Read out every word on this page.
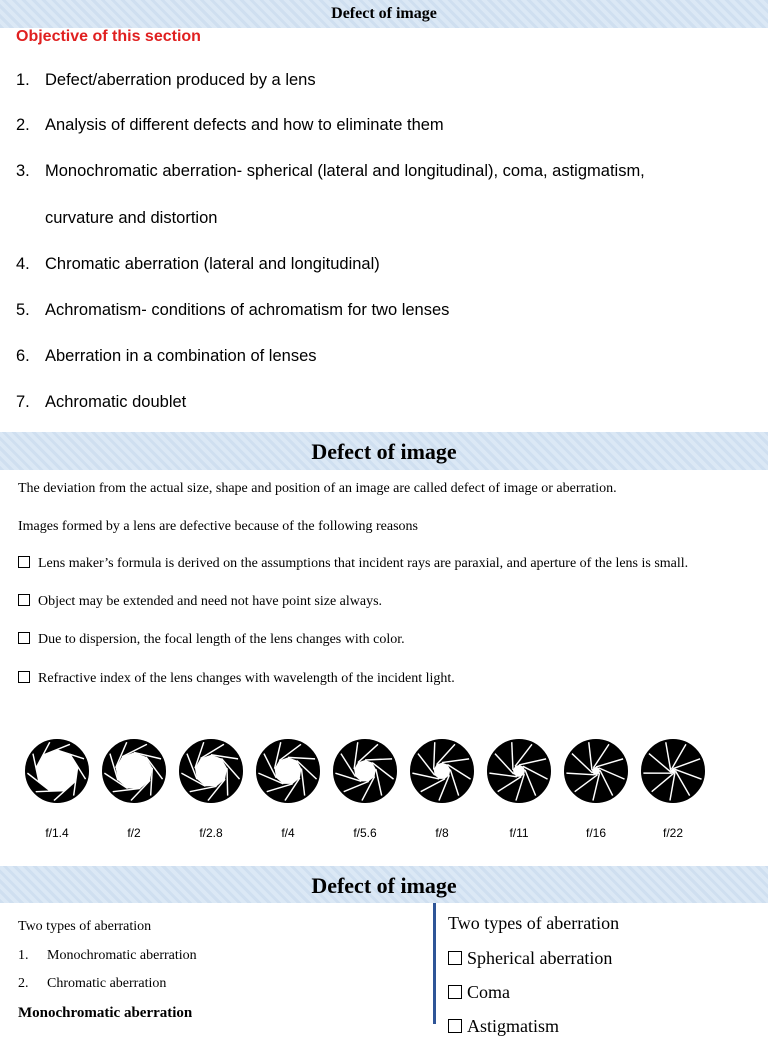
Defect of image
Objective of this section
1. Defect/aberration produced by a lens
2. Analysis of different defects and how to eliminate them
3. Monochromatic aberration- spherical (lateral and longitudinal), coma, astigmatism,
curvature and distortion
4. Chromatic aberration (lateral and longitudinal)
5. Achromatism- conditions of achromatism for two lenses
6. Aberration in a combination of lenses
7. Achromatic doublet
Defect of image
The deviation from the actual size, shape and position of an image are called defect of image or aberration.
Images formed by a lens are defective because of the following reasons
Lens maker’s formula is derived on the assumptions that incident rays are paraxial, and aperture of the lens is small.
Object may be extended and need not have point size always.
Due to dispersion, the focal length of the lens changes with color.
Refractive index of the lens changes with wavelength of the incident light.
f/1.4	f/2	f/2.8	f/4	f/5.6	f/8	f/11	f/16	f/22
Defect of image
Two types of aberration
1. Monochromatic aberration
2. Chromatic aberration
Monochromatic aberration
Two types of aberration
Spherical aberration
Coma
Astigmatism
